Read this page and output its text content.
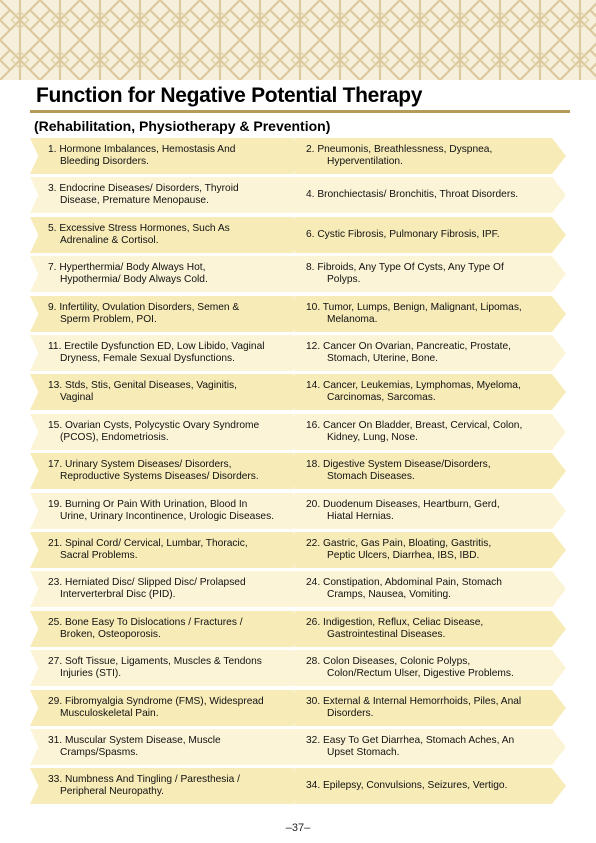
Function for Negative Potential Therapy
(Rehabilitation, Physiotherapy & Prevention)
1. Hormone Imbalances, Hemostasis And
Bleeding Disorders.
2. Pneumonis, Breathlessness, Dyspnea,
Hyperventilation.
3. Endocrine Diseases/ Disorders, Thyroid
Disease, Premature Menopause.
4. Bronchiectasis/ Bronchitis, Throat Disorders.
5. Excessive Stress Hormones, Such As
Adrenaline & Cortisol.
6. Cystic Fibrosis, Pulmonary Fibrosis, IPF.
7. Hyperthermia/ Body Always Hot,
Hypothermia/ Body Always Cold.
8. Fibroids, Any Type Of Cysts, Any Type Of
Polyps.
9. Infertility, Ovulation Disorders, Semen &
Sperm Problem, POI.
10. Tumor, Lumps, Benign, Malignant, Lipomas,
Melanoma.
11. Erectile Dysfunction ED, Low Libido, Vaginal
Dryness, Female Sexual Dysfunctions.
12. Cancer On Ovarian, Pancreatic, Prostate,
Stomach, Uterine, Bone.
13. Stds, Stis, Genital Diseases, Vaginitis,
Vaginal
14. Cancer, Leukemias, Lymphomas, Myeloma,
Carcinomas, Sarcomas.
15. Ovarian Cysts, Polycystic Ovary Syndrome
(PCOS), Endometriosis.
16. Cancer On Bladder, Breast, Cervical, Colon,
Kidney, Lung, Nose.
17. Urinary System Diseases/ Disorders,
Reproductive Systems Diseases/ Disorders.
18. Digestive System Disease/Disorders,
Stomach Diseases.
19. Burning Or Pain With Urination, Blood In
Urine, Urinary Incontinence, Urologic Diseases.
20. Duodenum Diseases, Heartburn, Gerd,
Hiatal Hernias.
21. Spinal Cord/ Cervical, Lumbar, Thoracic,
Sacral Problems.
22. Gastric, Gas Pain, Bloating, Gastritis,
Peptic Ulcers, Diarrhea, IBS, IBD.
23. Herniated Disc/ Slipped Disc/ Prolapsed
Interverterbral Disc (PID).
24. Constipation, Abdominal Pain, Stomach
Cramps, Nausea, Vomiting.
25. Bone Easy To Dislocations / Fractures /
Broken, Osteoporosis.
26. Indigestion, Reflux, Celiac Disease,
Gastrointestinal Diseases.
27. Soft Tissue, Ligaments, Muscles & Tendons
Injuries (STI).
28. Colon Diseases, Colonic Polyps,
Colon/Rectum Ulser, Digestive Problems.
29. Fibromyalgia Syndrome (FMS), Widespread
Musculoskeletal Pain.
30. External & Internal Hemorrhoids, Piles, Anal
Disorders.
31. Muscular System Disease, Muscle
Cramps/Spasms.
32. Easy To Get Diarrhea, Stomach Aches, An
Upset Stomach.
33. Numbness And Tingling / Paresthesia /
Peripheral Neuropathy.
34. Epilepsy, Convulsions, Seizures, Vertigo.
–37–
